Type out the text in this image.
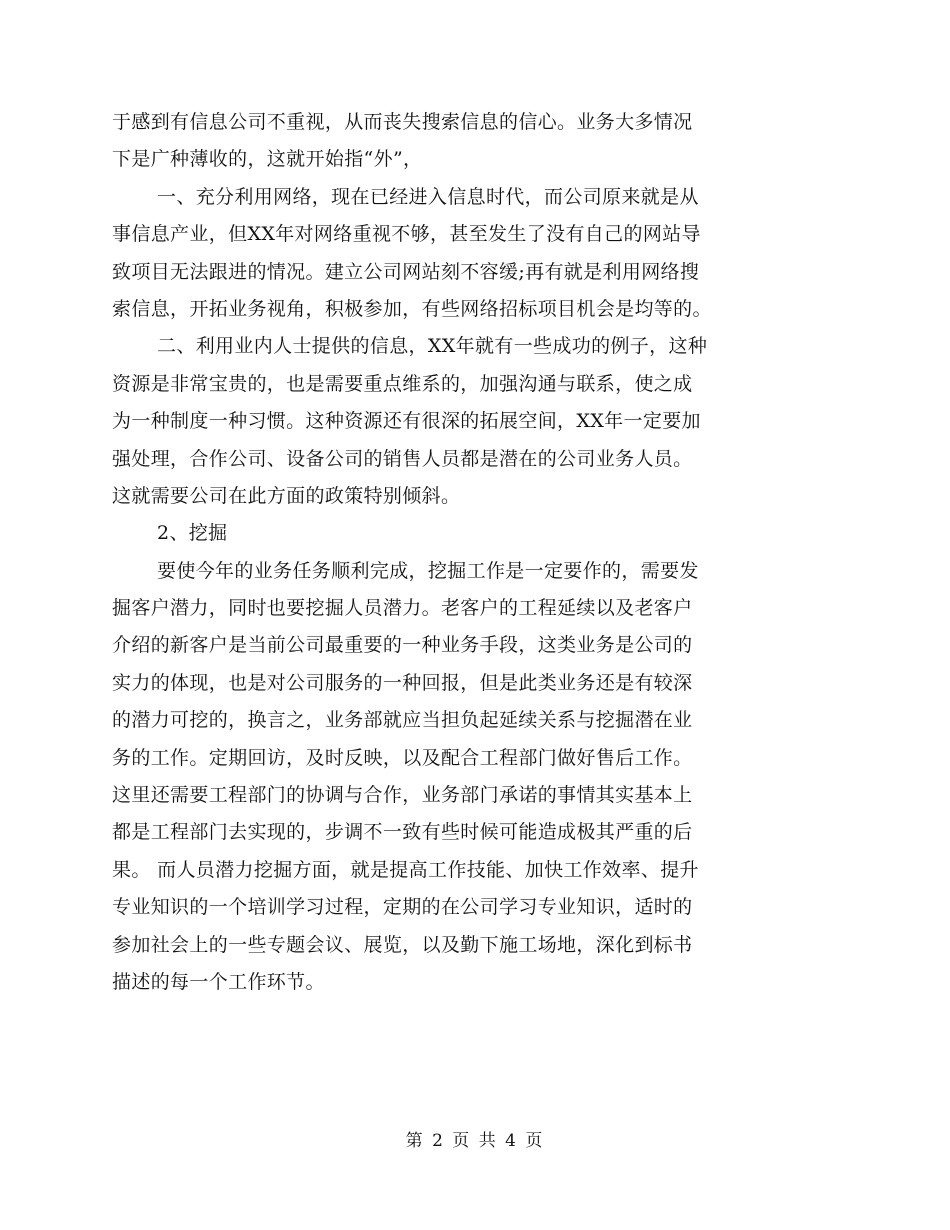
于感到有信息公司不重视，从而丧失搜索信息的信心。业务大多情况
下是广种薄收的，这就开始指“外”，
一、充分利用网络，现在已经进入信息时代，而公司原来就是从
事信息产业，但XX年对网络重视不够，甚至发生了没有自己的网站导
致项目无法跟进的情况。建立公司网站刻不容缓;再有就是利用网络搜
索信息，开拓业务视角，积极参加，有些网络招标项目机会是均等的。
二、利用业内人士提供的信息，XX年就有一些成功的例子，这种
资源是非常宝贵的，也是需要重点维系的，加强沟通与联系，使之成
为一种制度一种习惯。这种资源还有很深的拓展空间，XX年一定要加
强处理，合作公司、设备公司的销售人员都是潜在的公司业务人员。
这就需要公司在此方面的政策特别倾斜。
2、挖掘
要使今年的业务任务顺利完成，挖掘工作是一定要作的，需要发
掘客户潜力，同时也要挖掘人员潜力。老客户的工程延续以及老客户
介绍的新客户是当前公司最重要的一种业务手段，这类业务是公司的
实力的体现，也是对公司服务的一种回报，但是此类业务还是有较深
的潜力可挖的，换言之，业务部就应当担负起延续关系与挖掘潜在业
务的工作。定期回访，及时反映，以及配合工程部门做好售后工作。
这里还需要工程部门的协调与合作，业务部门承诺的事情其实基本上
都是工程部门去实现的，步调不一致有些时候可能造成极其严重的后
果。 而人员潜力挖掘方面，就是提高工作技能、加快工作效率、提升
专业知识的一个培训学习过程，定期的在公司学习专业知识，适时的
参加社会上的一些专题会议、展览，以及勤下施工场地，深化到标书
描述的每一个工作环节。
第 2 页 共 4 页
